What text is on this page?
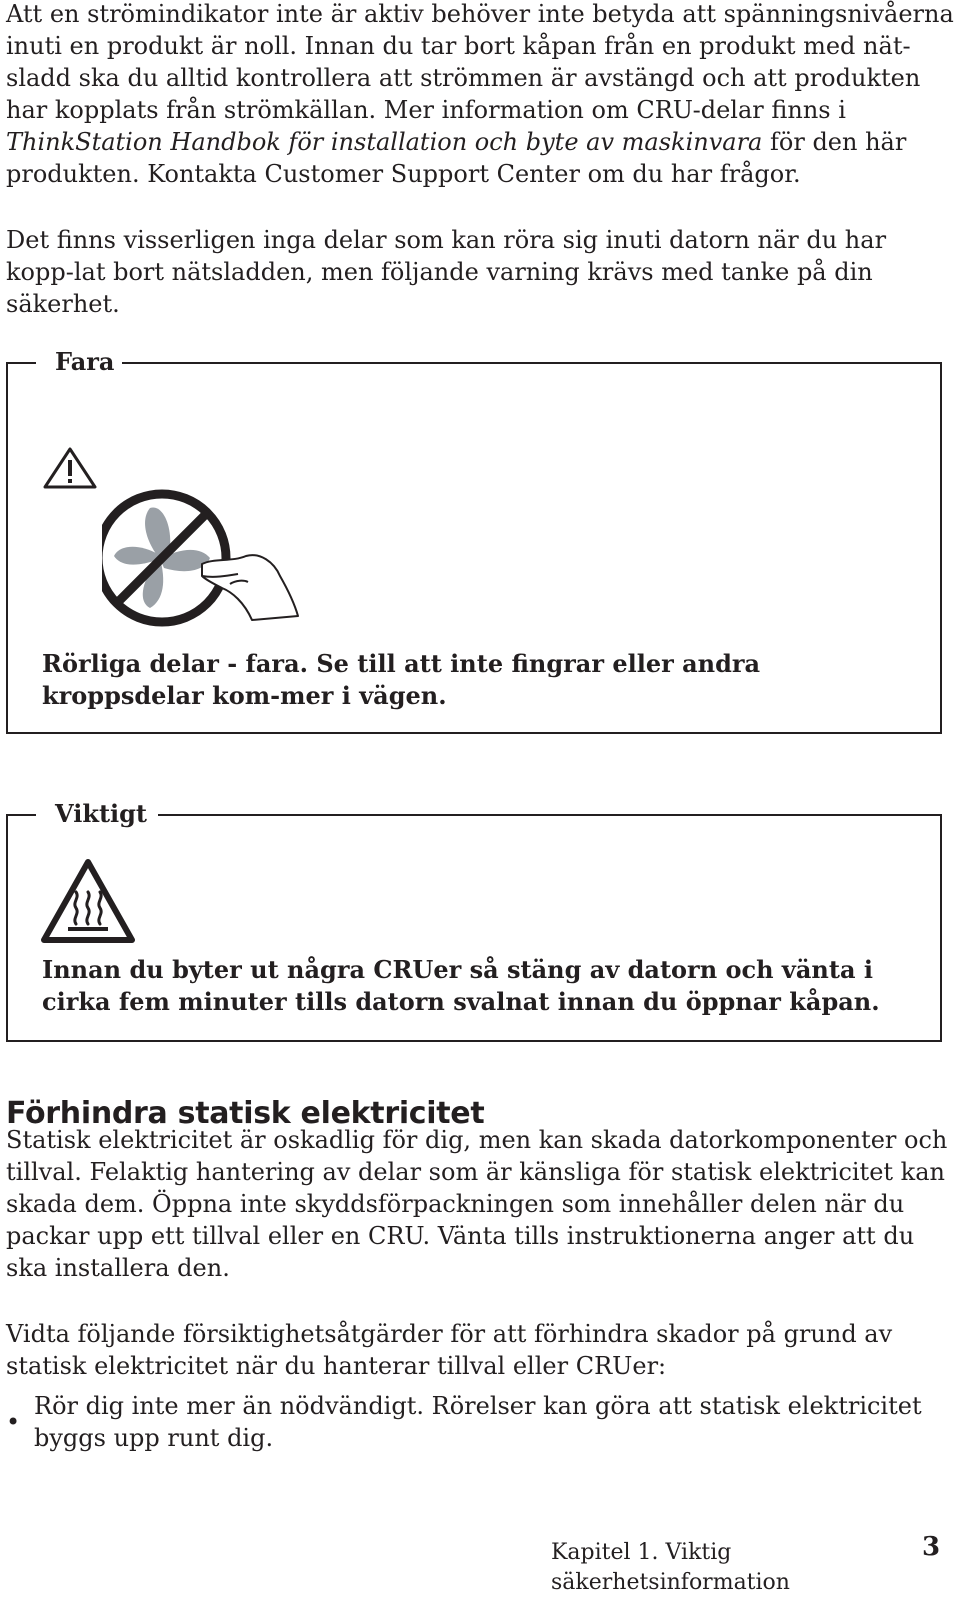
Att en strömindikator inte är aktiv behöver inte betyda att spänningsnivåerna inuti en produkt är noll. Innan du tar bort kåpan från en produkt med nät-sladd ska du alltid kontrollera att strömmen är avstängd och att produkten har kopplats från strömkällan. Mer information om CRU-delar finns i ThinkStation Handbok för installation och byte av maskinvara för den här produkten. Kontakta Customer Support Center om du har frågor.

Det finns visserligen inga delar som kan röra sig inuti datorn när du har kopp-lat bort nätsladden, men följande varning krävs med tanke på din säkerhet.

Fara
Rörliga delar - fara. Se till att inte fingrar eller andra kroppsdelar kom-mer i vägen.
Viktigt
Innan du byter ut några CRUer så stäng av datorn och vänta i cirka fem minuter tills datorn svalnat innan du öppnar kåpan.
Förhindra statisk elektricitet

Statisk elektricitet är oskadlig för dig, men kan skada datorkomponenter och tillval. Felaktig hantering av delar som är känsliga för statisk elektricitet kan skada dem. Öppna inte skyddsförpackningen som innehåller delen när du packar upp ett tillval eller en CRU. Vänta tills instruktionerna anger att du ska installera den.

Vidta följande försiktighetsåtgärder för att förhindra skador på grund av statisk elektricitet när du hanterar tillval eller CRUer:

•

Rör dig inte mer än nödvändigt. Rörelser kan göra att statisk elektricitet byggs upp runt dig.

Kapitel 1. Viktig säkerhetsinformation
3
